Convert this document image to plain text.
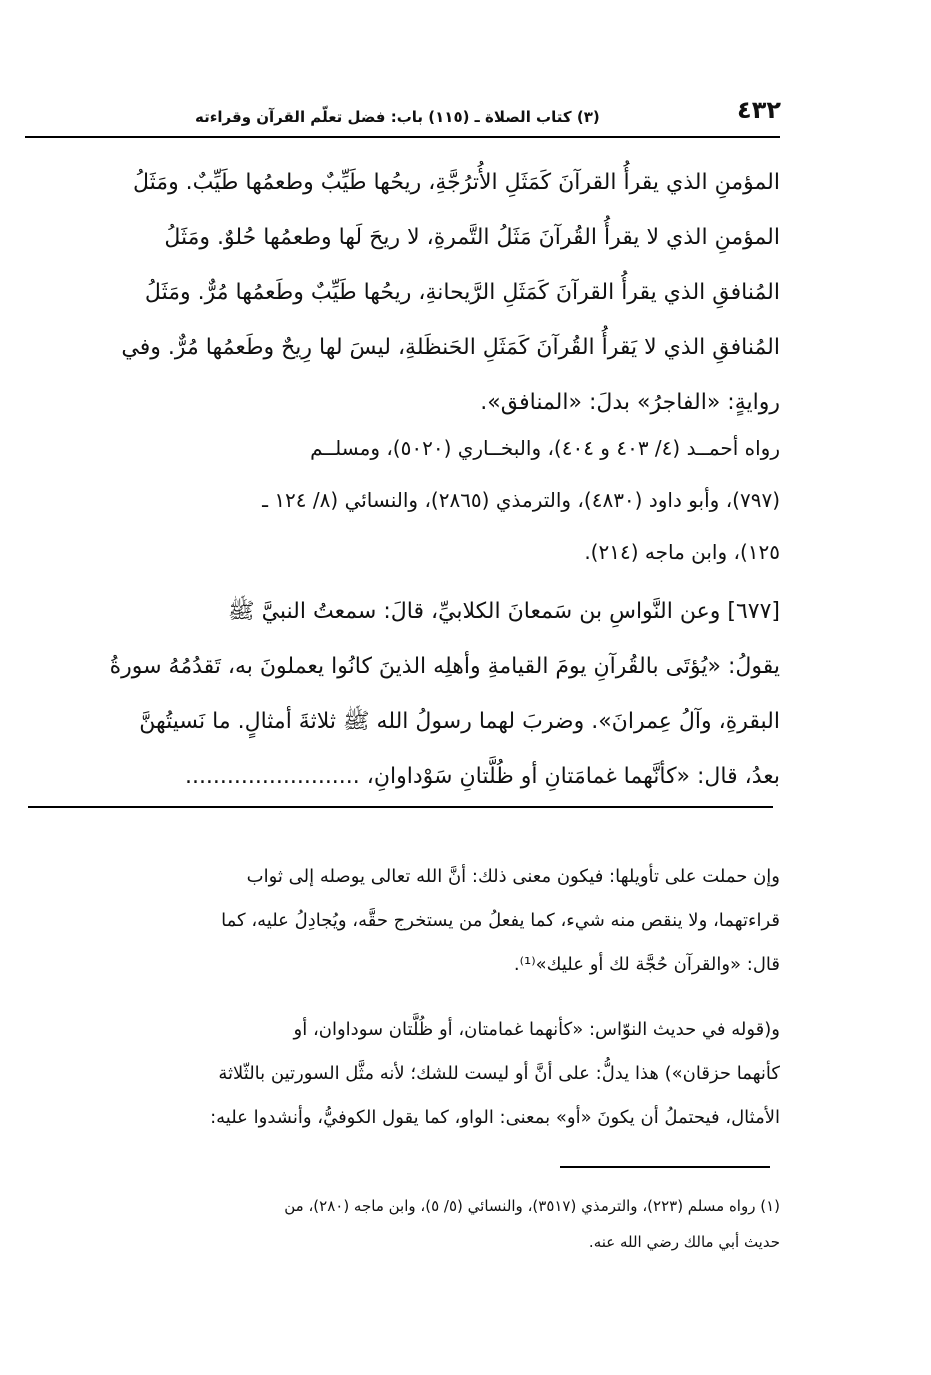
٤٣٢
(٣) كتاب الصلاة ـ (١١٥) باب: فضل تعلّم القرآن وقراءته
المؤمنِ الذي يقرأُ القرآنَ كَمَثَلِ الأُترُجَّةِ، ريحُها طَيِّبٌ وطعمُها طَيِّبٌ. ومَثَلُ
المؤمنِ الذي لا يقرأُ القُرآنَ مَثَلُ التَّمرةِ، لا ريحَ لَها وطعمُها حُلوٌ. ومَثَلُ
المُنافقِ الذي يقرأُ القرآنَ كَمَثَلِ الرَّيحانةِ، ريحُها طَيِّبٌ وطَعمُها مُرٌّ. ومَثَلُ
المُنافقِ الذي لا يَقرأُ القُرآنَ كَمَثَلِ الحَنظَلةِ، ليسَ لها رِيحٌ وطَعمُها مُرٌّ. وفي
روايةٍ: «الفاجرُ» بدلَ: «المنافق».
رواه أحمــد (٤/ ٤٠٣ و ٤٠٤)، والبخــاري (٥٠٢٠)، ومسلــم
(٧٩٧)، وأبو داود (٤٨٣٠)، والترمذي (٢٨٦٥)، والنسائي (٨/ ١٢٤ ـ
١٢٥)، وابن ماجه (٢١٤).
[٦٧٧] وعن النَّواسِ بن سَمعانَ الكلابيِّ، قالَ: سمعتُ النبيَّ ﷺ
يقولُ: «يُؤتَى بالقُرآنِ يومَ القيامةِ وأهلِه الذينَ كانُوا يعملونَ به، تَقدُمُهُ سورةُ
البقرةِ، وآلُ عِمرانَ». وضربَ لهما رسولُ الله ﷺ ثلاثةَ أمثالٍ. ما نَسيتُهنَّ
بعدُ، قال: «كأنَّهما غمامَتانِ أو ظُلَّتانِ سَوْداوانِ، .........................
وإن حملت على تأويلها: فيكون معنى ذلك: أنَّ الله تعالى يوصله إلى ثواب
قراءتهما، ولا ينقص منه شيء، كما يفعلُ من يستخرج حقَّه، ويُجادِلُ عليه، كما
قال: «والقرآن حُجَّة لك أو عليك»⁽¹⁾.
و(قوله في حديث النوّاس: «كأنهما غمامتان، أو ظُلَّتان سوداوان، أو
كأنهما حزقان») هذا يدلُّ: على أنَّ أو ليست للشك؛ لأنه مثَّل السورتين بالثّلاثة
الأمثال، فيحتملُ أن يكونَ «أو» بمعنى: الواو، كما يقول الكوفيُّ، وأنشدوا عليه:
(١) رواه مسلم (٢٢٣)، والترمذي (٣٥١٧)، والنسائي (٥/ ٥)، وابن ماجه (٢٨٠)، من
حديث أبي مالك رضي الله عنه.
